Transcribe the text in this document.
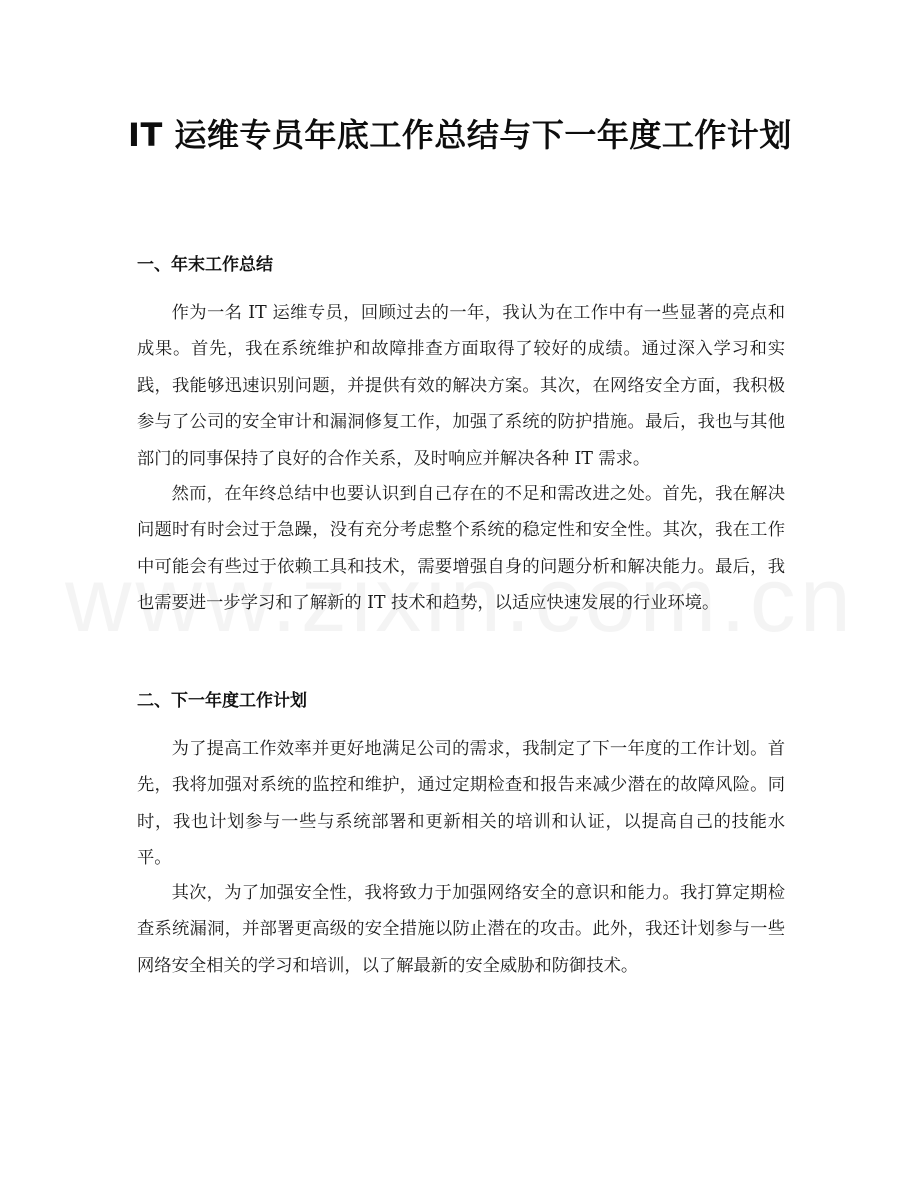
IT 运维专员年底工作总结与下一年度工作计划
一、年末工作总结

作为一名 IT 运维专员，回顾过去的一年，我认为在工作中有一些显著的亮点和成果。首先，我在系统维护和故障排查方面取得了较好的成绩。通过深入学习和实践，我能够迅速识别问题，并提供有效的解决方案。其次，在网络安全方面，我积极参与了公司的安全审计和漏洞修复工作，加强了系统的防护措施。最后，我也与其他部门的同事保持了良好的合作关系，及时响应并解决各种 IT 需求。

然而，在年终总结中也要认识到自己存在的不足和需改进之处。首先，我在解决问题时有时会过于急躁，没有充分考虑整个系统的稳定性和安全性。其次，我在工作中可能会有些过于依赖工具和技术，需要增强自身的问题分析和解决能力。最后，我也需要进一步学习和了解新的 IT 技术和趋势，以适应快速发展的行业环境。

二、下一年度工作计划

为了提高工作效率并更好地满足公司的需求，我制定了下一年度的工作计划。首先，我将加强对系统的监控和维护，通过定期检查和报告来减少潜在的故障风险。同时，我也计划参与一些与系统部署和更新相关的培训和认证，以提高自己的技能水平。

其次，为了加强安全性，我将致力于加强网络安全的意识和能力。我打算定期检查系统漏洞，并部署更高级的安全措施以防止潜在的攻击。此外，我还计划参与一些网络安全相关的学习和培训，以了解最新的安全威胁和防御技术。
